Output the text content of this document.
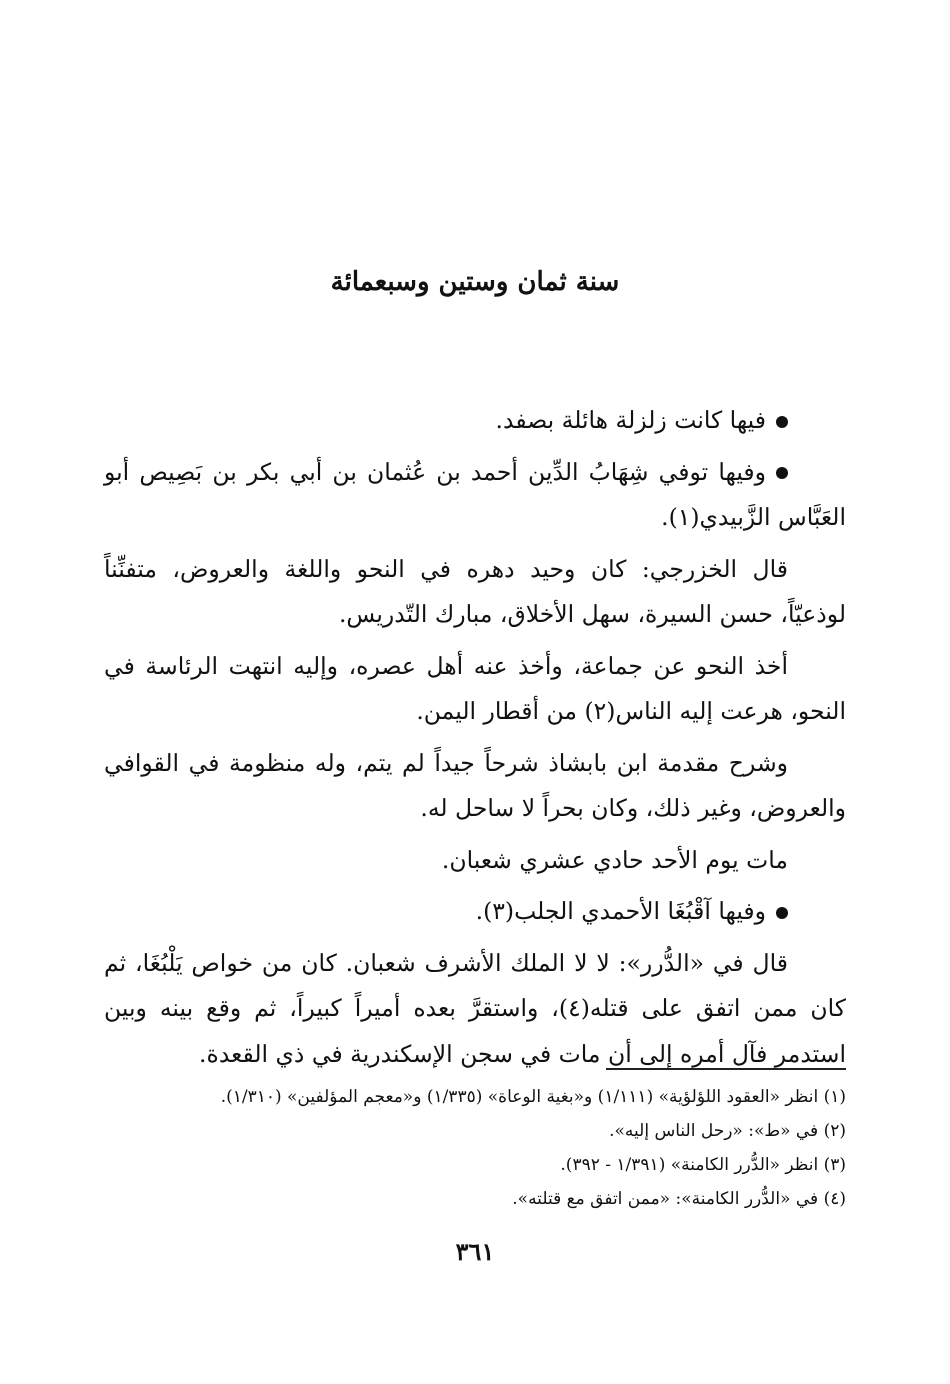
سنة ثمان وستين وسبعمائة

فيها كانت زلزلة هائلة بصفد.

وفيها توفي شِهَابُ الدِّين أحمد بن عُثمان بن أبي بكر بن بَصِيص أبو العَبَّاس الزَّبيدي(١).

قال الخزرجي: كان وحيد دهره في النحو واللغة والعروض، متفنِّناً لوذعيّاً، حسن السيرة، سهل الأخلاق، مبارك التّدريس.

أخذ النحو عن جماعة، وأخذ عنه أهل عصره، وإليه انتهت الرئاسة في النحو، هرعت إليه الناس(٢) من أقطار اليمن.

وشرح مقدمة ابن بابشاذ شرحاً جيداً لم يتم، وله منظومة في القوافي والعروض، وغير ذلك، وكان بحراً لا ساحل له.

مات يوم الأحد حادي عشري شعبان.

وفيها آقْبُغَا الأحمدي الجلب(٣).

قال في «الدُّرر»: لا لا الملك الأشرف شعبان. كان من خواص يَلْبُغَا، ثم كان ممن اتفق على قتله(٤)، واستقرَّ بعده أميراً كبيراً، ثم وقع بينه وبين استدمر فآل أمره إلى أن مات في سجن الإسكندرية في ذي القعدة.

(١) انظر «العقود اللؤلؤية» (١/١١١) و«بغية الوعاة» (١/٣٣٥) و«معجم المؤلفين» (١/٣١٠).

(٢) في «ط»: «رحل الناس إليه».

(٣) انظر «الدُّرر الكامنة» (١/٣٩١ - ٣٩٢).

(٤) في «الدُّرر الكامنة»: «ممن اتفق مع قتلته».

٣٦١
